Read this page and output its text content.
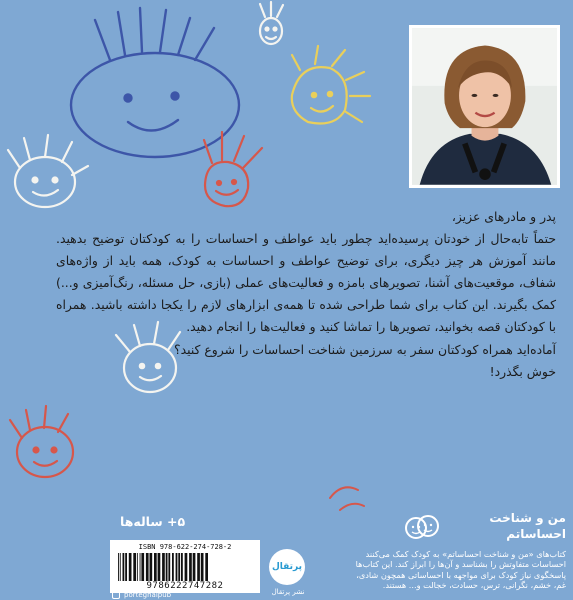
پدر و مادرهای عزیز،

حتماً تابه‌حال از خودتان پرسیده‌اید چطور باید عواطف و احساسات را به کودکتان توضیح بدهید. مانند آموزش هر چیز دیگری، برای توضیح عواطف و احساسات به کودک، همه باید از واژه‌های شفاف، موقعیت‌های آشنا، تصویرهای بامزه و فعالیت‌های عملی (بازی، حل مسئله، رنگ‌آمیزی و...) کمک بگیرند. این کتاب برای شما طراحی شده تا همه‌ی ابزارهای لازم را یکجا داشته باشید. همراه با کودکتان قصه بخوانید، تصویرها را تماشا کنید و فعالیت‌ها را انجام دهید.

آماده‌اید همراه کودکتان سفر به سرزمین شناخت احساسات را شروع کنید؟

خوش بگذرد!

من و شناخت
احساساتم
۵+ ساله‌ها

کتاب‌های «من و شناخت احساساتم» به کودک کمک می‌کنند

احساسات متفاوتش را بشناسد و آن‌ها را ابراز کند. این کتاب‌ها

پاسخگوی نیاز کودک برای مواجهه با احساساتی همچون شادی،

غم، خشم، نگرانی، ترس، حسادت، خجالت و... هستند.

پرتقال
نشر پرتقال
ISBN 978-622-274-728-2
9786222747282
porteghalpub
